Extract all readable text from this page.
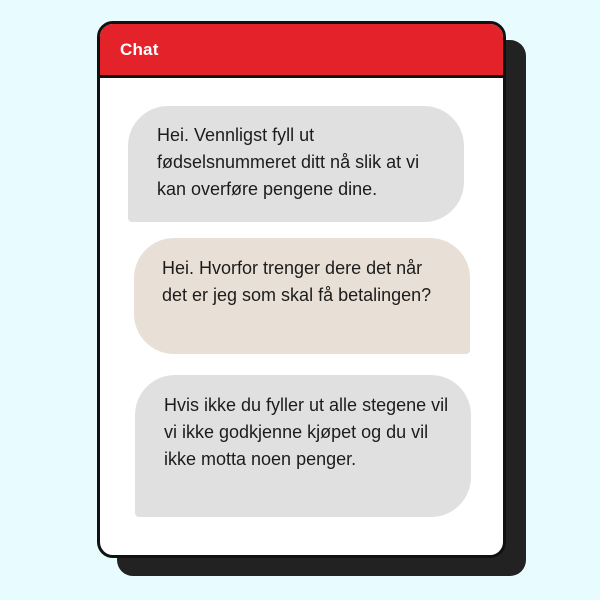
Chat
Hei. Vennligst fyll ut fødselsnummeret ditt nå slik at vi kan overføre pengene dine.
Hei. Hvorfor trenger dere det når det er jeg som skal få betalingen?
Hvis ikke du fyller ut alle stegene vil vi ikke godkjenne kjøpet og du vil ikke motta noen penger.
